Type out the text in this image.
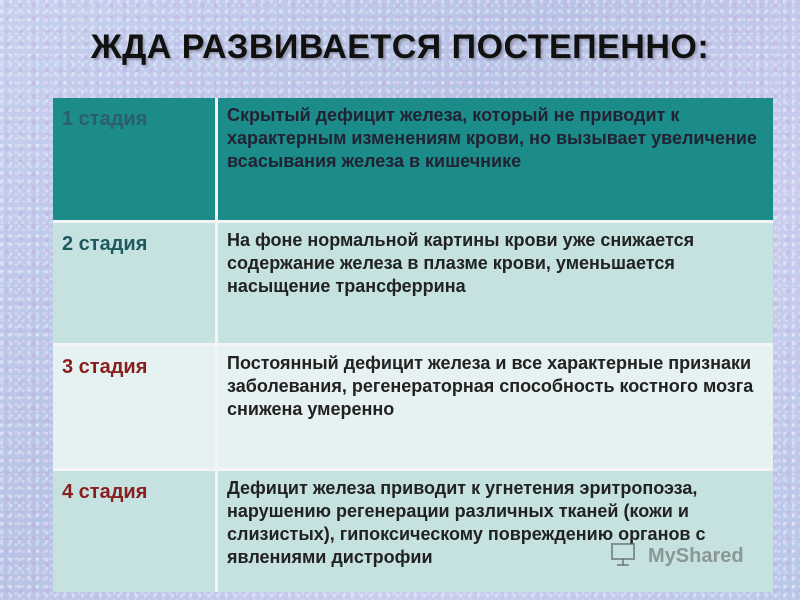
ЖДА РАЗВИВАЕТСЯ ПОСТЕПЕННО:
1 стадия	Скрытый дефицит железа, который не приводит к характерным изменениям крови, но вызывает увеличение всасывания железа в кишечнике
2 стадия	На фоне нормальной картины крови уже снижается содержание железа в плазме крови, уменьшается насыщение трансферрина
3 стадия	Постоянный дефицит железа и все характерные признаки заболевания, регенераторная способность костного мозга снижена умеренно
4 стадия	Дефицит железа приводит к угнетения эритропоэза, нарушению регенерации различных тканей (кожи и слизистых), гипоксическому повреждению органов с явлениями дистрофии	MyShared
